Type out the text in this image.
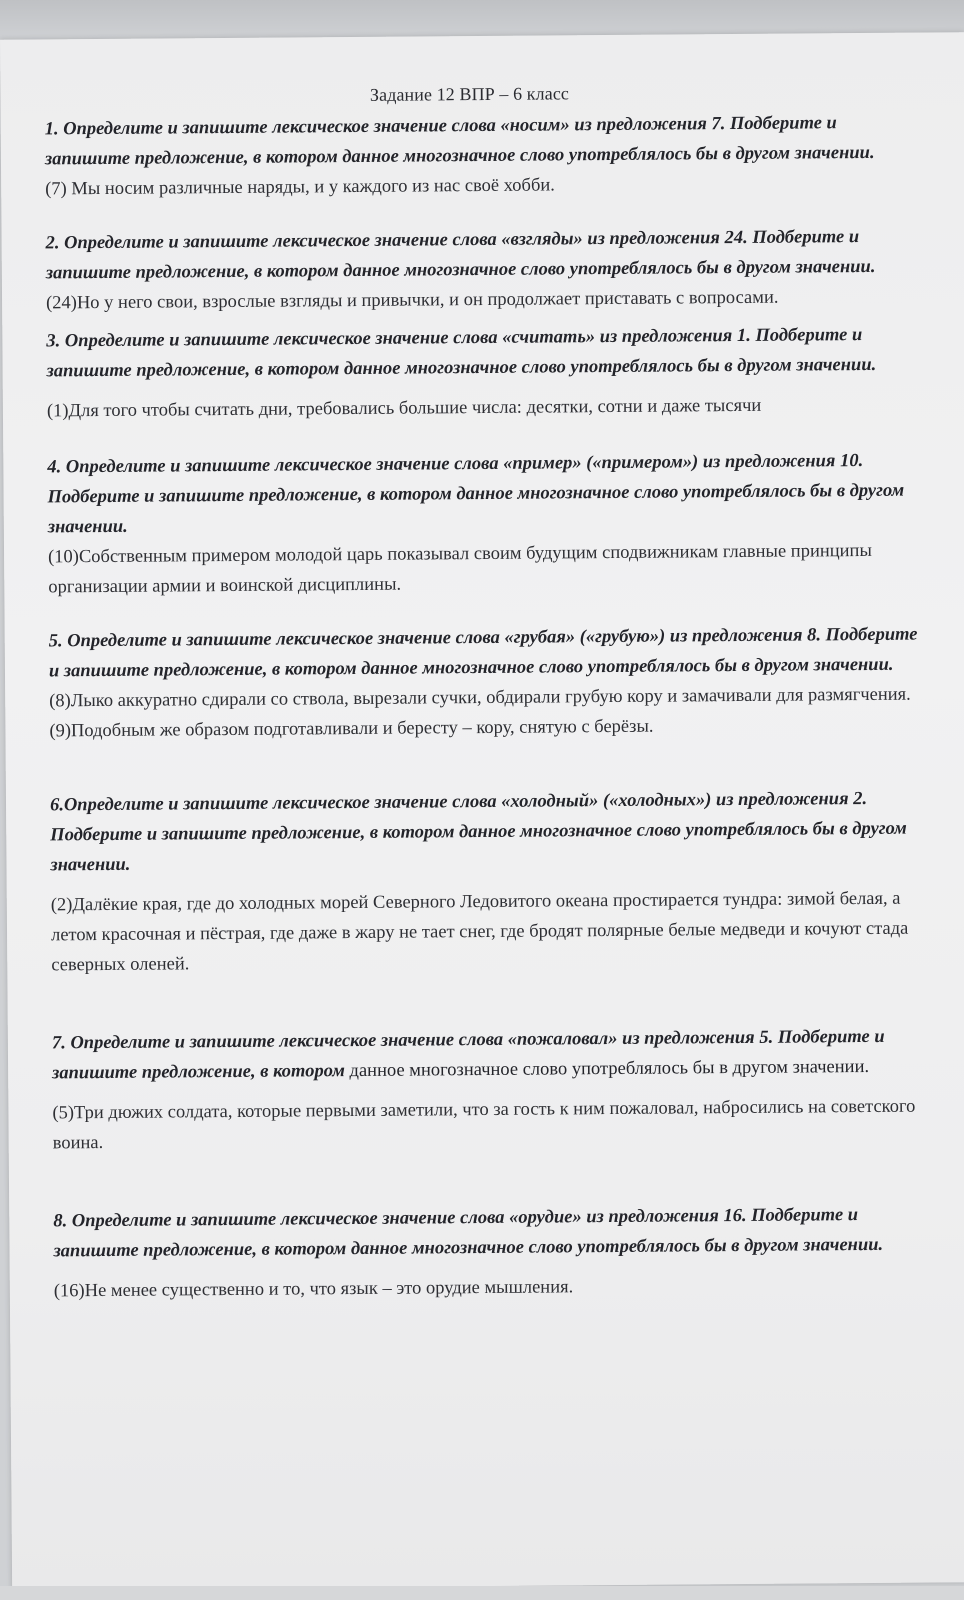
Задание 12 ВПР – 6 класс
1. Определите и запишите лексическое значение слова «носим» из предложения 7. Подберите и запишите предложение, в котором данное многозначное слово употреблялось бы в другом значении.
(7) Мы носим различные наряды, и у каждого из нас своё хобби.
2. Определите и запишите лексическое значение слова «взгляды» из предложения 24. Подберите и запишите предложение, в котором данное многозначное слово употреблялось бы в другом значении.
(24)Но у него свои, взрослые взгляды и привычки, и он продолжает приставать с вопросами.
3. Определите и запишите лексическое значение слова «считать» из предложения 1. Подберите и запишите предложение, в котором данное многозначное слово употреблялось бы в другом значении.
(1)Для того чтобы считать дни, требовались большие числа: десятки, сотни и даже тысячи
4. Определите и запишите лексическое значение слова «пример» («примером») из предложения 10. Подберите и запишите предложение, в котором данное многозначное слово употреблялось бы в другом значении.
(10)Собственным примером молодой царь показывал своим будущим сподвижникам главные принципы организации армии и воинской дисциплины.
5. Определите и запишите лексическое значение слова «грубая» («грубую») из предложения 8. Подберите и запишите предложение, в котором данное многозначное слово употреблялось бы в другом значении.
(8)Лыко аккуратно сдирали со ствола, вырезали сучки, обдирали грубую кору и замачивали для размягчения. (9)Подобным же образом подготавливали и бересту – кору, снятую с берёзы.
6.Определите и запишите лексическое значение слова «холодный» («холодных») из предложения 2. Подберите и запишите предложение, в котором данное многозначное слово употреблялось бы в другом значении.
(2)Далёкие края, где до холодных морей Северного Ледовитого океана простирается тундра: зимой белая, а летом красочная и пёстрая, где даже в жару не тает снег, где бродят полярные белые медведи и кочуют стада северных оленей.
7. Определите и запишите лексическое значение слова «пожаловал» из предложения 5. Подберите и запишите предложение, в котором данное многозначное слово употреблялось бы в другом значении.
(5)Три дюжих солдата, которые первыми заметили, что за гость к ним пожаловал, набросились на советского воина.
8. Определите и запишите лексическое значение слова «орудие» из предложения 16. Подберите и запишите предложение, в котором данное многозначное слово употреблялось бы в другом значении.
(16)Не менее существенно и то, что язык – это орудие мышления.
